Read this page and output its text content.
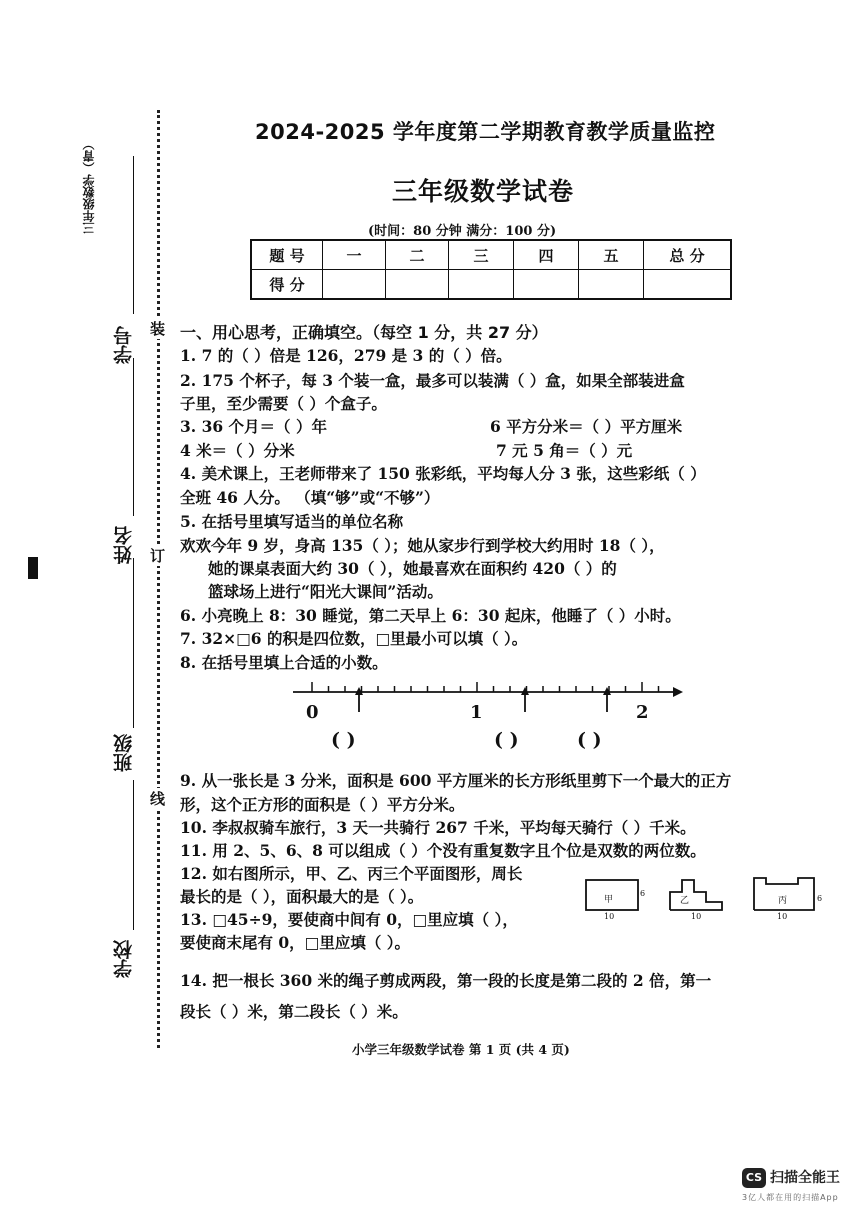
三年级数学（青）
学号
姓名
班级
学校
装
订
线
2024-2025 学年度第二学期教育教学质量监控
三年级数学试卷
(时间：80 分钟 满分：100 分)
题 号	一	二	三	四	五	总 分
得 分						
一、用心思考，正确填空。（每空 1 分，共 27 分）
1. 7 的（ ）倍是 126，279 是 3 的（ ）倍。
2. 175 个杯子，每 3 个装一盒，最多可以装满（ ）盒，如果全部装进盒
子里，至少需要（ ）个盒子。
3. 36 个月＝（ ）年	6 平方分米＝（ ）平方厘米
4 米＝（ ）分米	7 元 5 角＝（ ）元
4. 美术课上，王老师带来了 150 张彩纸，平均每人分 3 张，这些彩纸（ ）
全班 46 人分。 （填“够”或“不够”）
5. 在括号里填写适当的单位名称
欢欢今年 9 岁，身高 135（ ）；她从家步行到学校大约用时 18（ ），
她的课桌表面大约 30（ ），她最喜欢在面积约 420（ ）的
篮球场上进行“阳光大课间”活动。
6. 小亮晚上 8：30 睡觉，第二天早上 6：30 起床，他睡了（ ）小时。
7. 32×□6 的积是四位数，□里最小可以填（ ）。
8. 在括号里填上合适的小数。
0	1	2
( )	( )	( )
9. 从一张长是 3 分米，面积是 600 平方厘米的长方形纸里剪下一个最大的正方
形，这个正方形的面积是（ ）平方分米。
10. 李叔叔骑车旅行，3 天一共骑行 267 千米，平均每天骑行（ ）千米。
11. 用 2、5、6、8 可以组成（ ）个没有重复数字且个位是双数的两位数。
12. 如右图所示，甲、乙、丙三个平面图形，周长
最长的是（ ），面积最大的是（ ）。
13. □45÷9，要使商中间有 0，□里应填（ ），
要使商末尾有 0，□里应填（ ）。
14. 把一根长 360 米的绳子剪成两段，第一段的长度是第二段的 2 倍，第一
段长（ ）米，第二段长（ ）米。
甲	乙	丙
10	10	10
6
6
小学三年级数学试卷 第 1 页 (共 4 页)
CS 扫描全能王
3亿人都在用的扫描App
